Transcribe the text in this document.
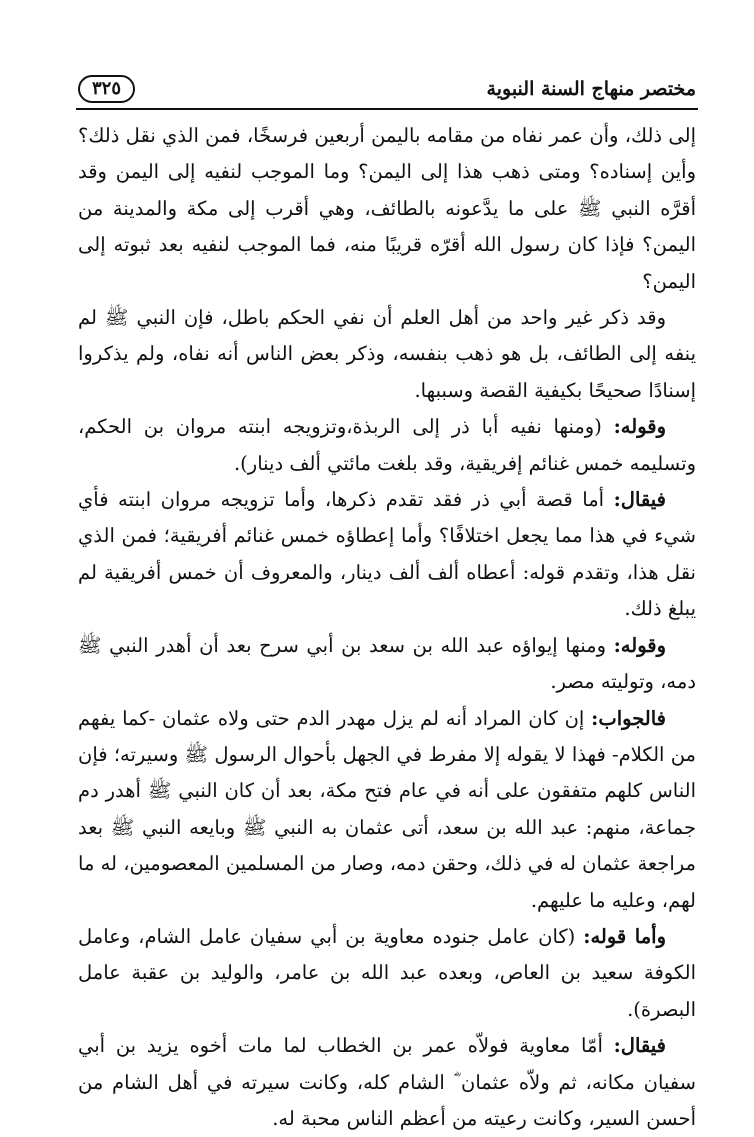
مختصر منهاج السنة النبوية
٣٢٥

إلى ذلك، وأن عمر نفاه من مقامه باليمن أربعين فرسخًا، فمن الذي نقل ذلك؟ وأين إسناده؟ ومتى ذهب هذا إلى اليمن؟ وما الموجب لنفيه إلى اليمن وقد أقرَّه النبي ﷺ على ما يدَّعونه بالطائف، وهي أقرب إلى مكة والمدينة من اليمن؟ فإذا كان رسول الله أقرّه قريبًا منه، فما الموجب لنفيه بعد ثبوته إلى اليمن؟

وقد ذكر غير واحد من أهل العلم أن نفي الحكم باطل، فإن النبي ﷺ لم ينفه إلى الطائف، بل هو ذهب بنفسه، وذكر بعض الناس أنه نفاه، ولم يذكروا إسنادًا صحيحًا بكيفية القصة وسببها.

وقوله: (ومنها نفيه أبا ذر إلى الربذة،وتزويجه ابنته مروان بن الحكم، وتسليمه خمس غنائم إفريقية، وقد بلغت مائتي ألف دينار).

فيقال: أما قصة أبي ذر فقد تقدم ذكرها، وأما تزويجه مروان ابنته فأي شيء في هذا مما يجعل اختلافًا؟ وأما إعطاؤه خمس غنائم أفريقية؛ فمن الذي نقل هذا، وتقدم قوله: أعطاه ألف ألف دينار، والمعروف أن خمس أفريقية لم يبلغ ذلك.

وقوله: ومنها إيواؤه عبد الله بن سعد بن أبي سرح بعد أن أهدر النبي ﷺ دمه، وتوليته مصر.

فالجواب: إن كان المراد أنه لم يزل مهدر الدم حتى ولاه عثمان -كما يفهم من الكلام- فهذا لا يقوله إلا مفرط في الجهل بأحوال الرسول ﷺ وسيرته؛ فإن الناس كلهم متفقون على أنه في عام فتح مكة، بعد أن كان النبي ﷺ أهدر دم جماعة، منهم: عبد الله بن سعد، أتى عثمان به النبي ﷺ وبايعه النبي ﷺ بعد مراجعة عثمان له في ذلك، وحقن دمه، وصار من المسلمين المعصومين، له ما لهم، وعليه ما عليهم.

وأما قوله: (كان عامل جنوده معاوية بن أبي سفيان عامل الشام، وعامل الكوفة سعيد بن العاص، وبعده عبد الله بن عامر، والوليد بن عقبة عامل البصرة).

فيقال: أمّا معاوية فولاّه عمر بن الخطاب لما مات أخوه يزيد بن أبي سفيان مكانه، ثم ولاّه عثمان ؓ الشام كله، وكانت سيرته في أهل الشام من أحسن السير، وكانت رعيته من أعظم الناس محبة له.
